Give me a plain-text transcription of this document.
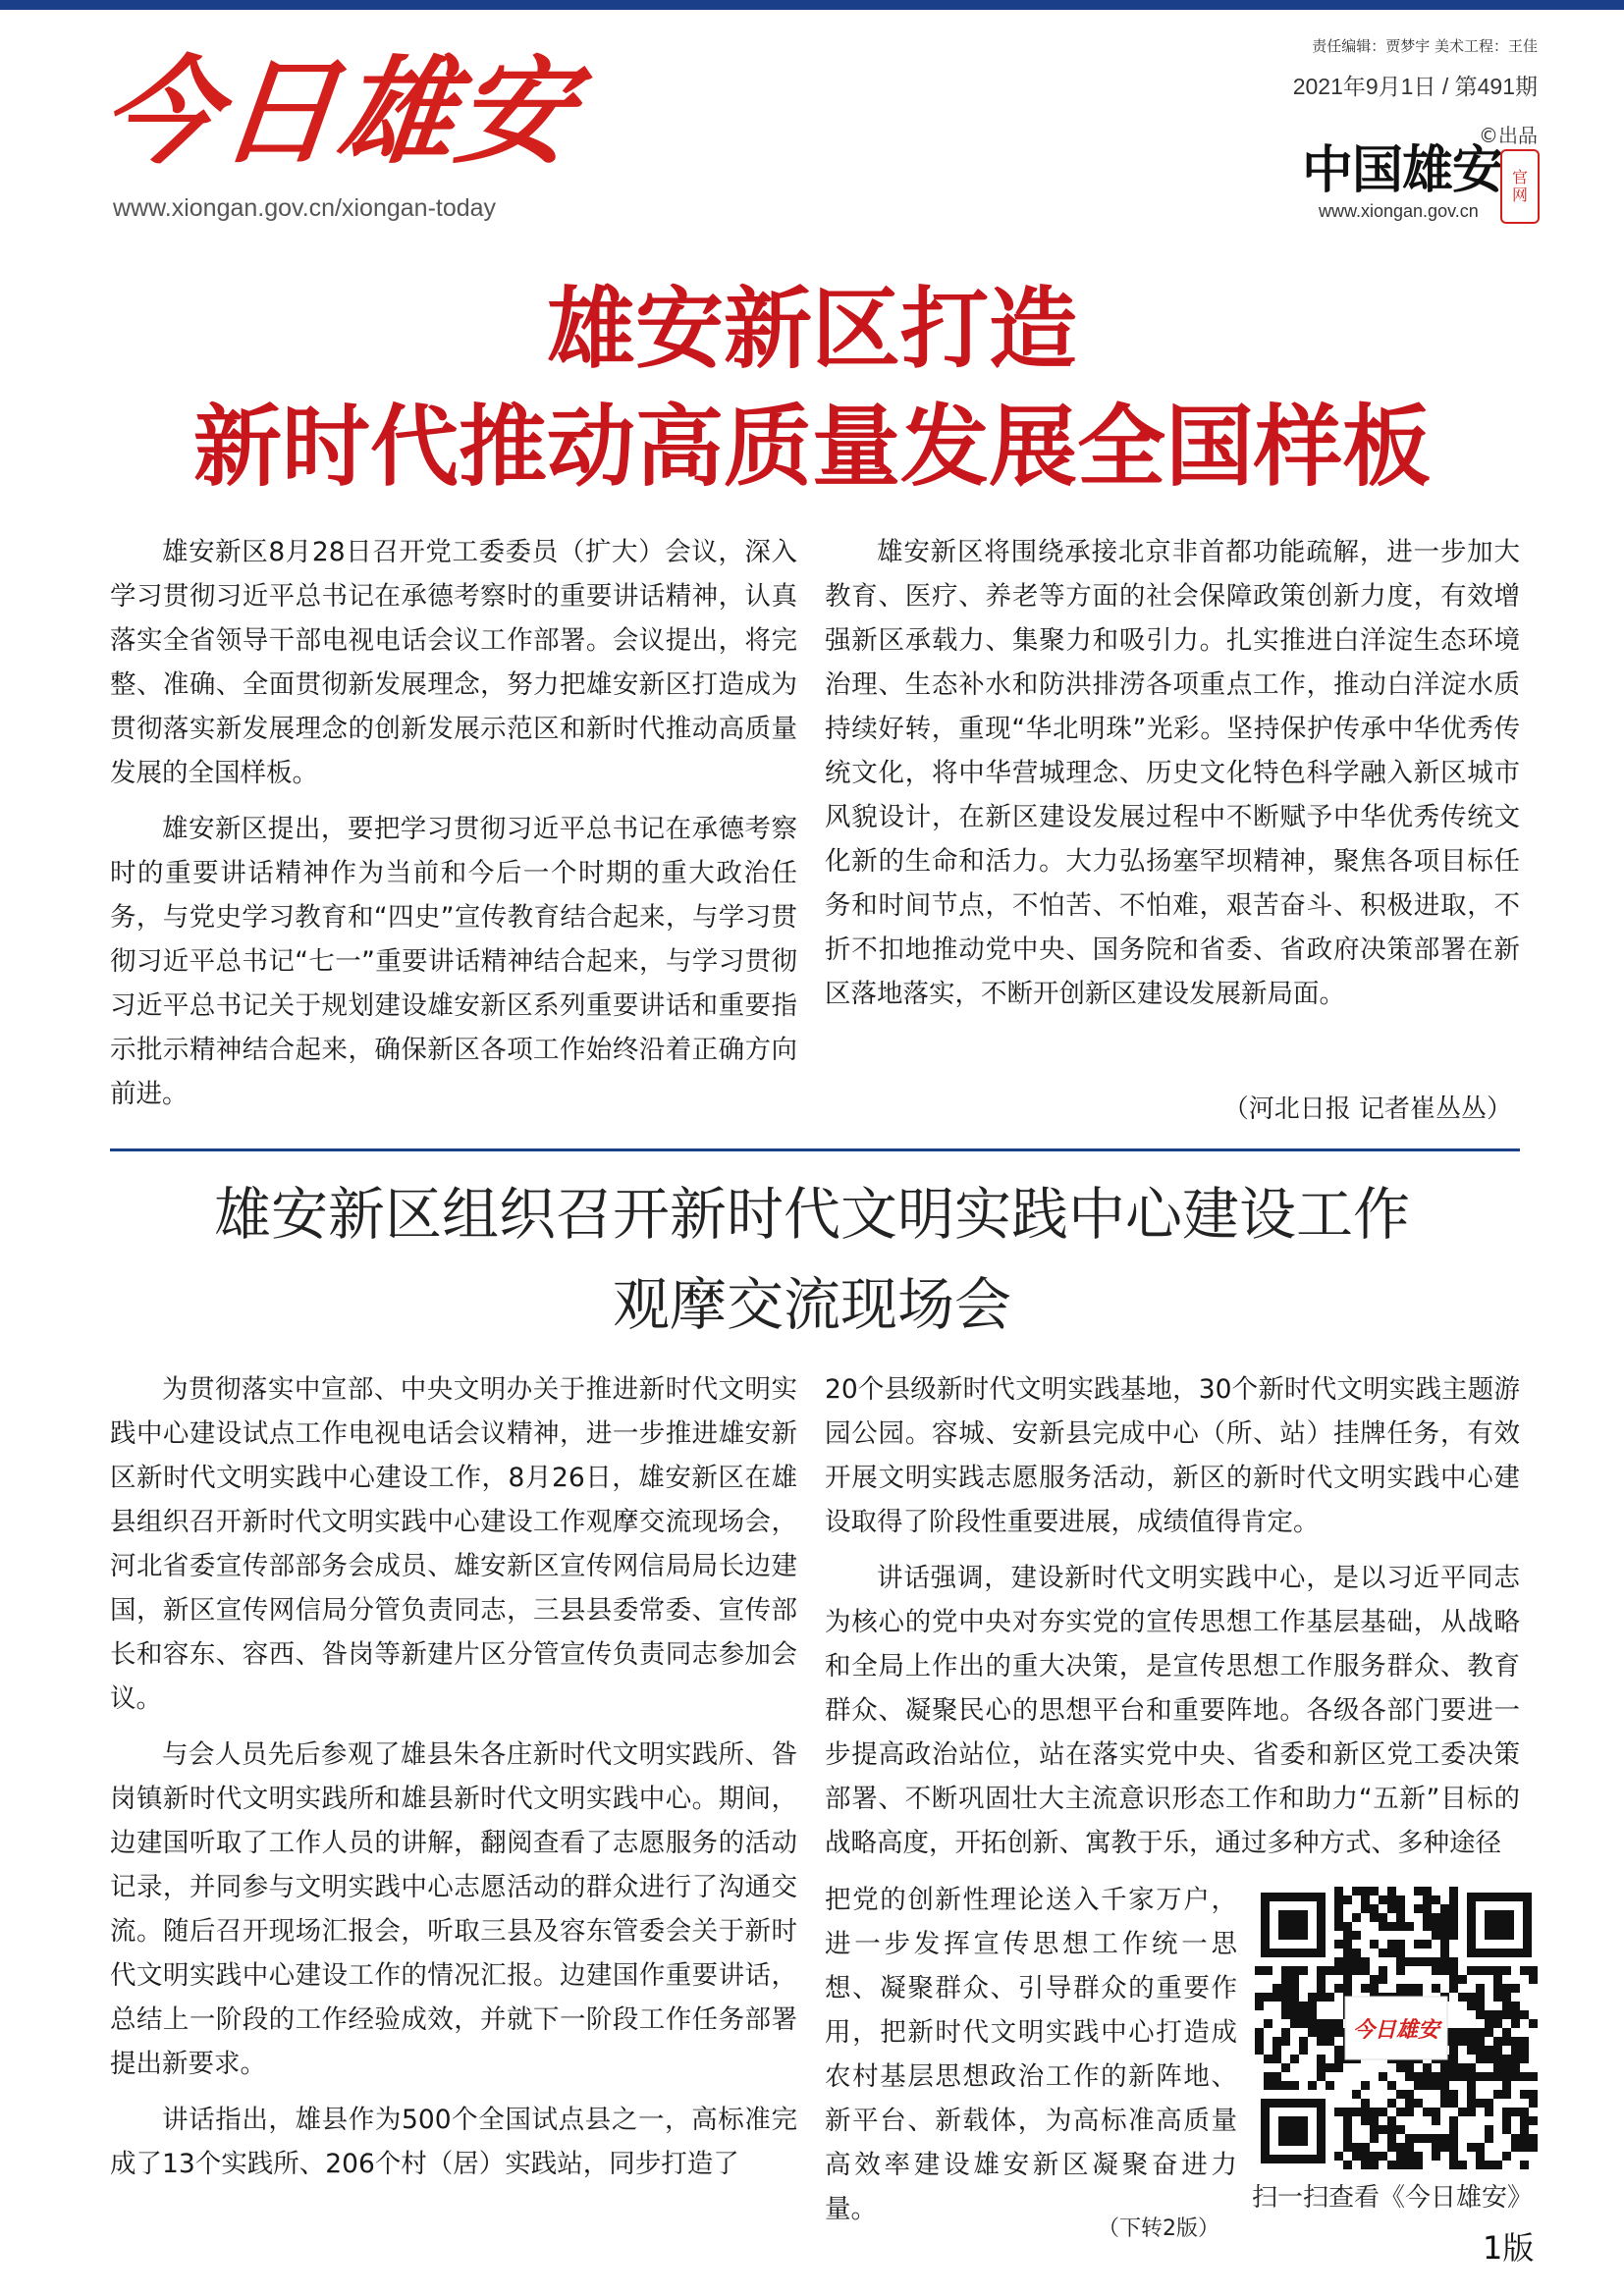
今日雄安
www.xiongan.gov.cn/xiongan-today
责任编辑：贾梦宇 美术工程：王佳
2021年9月1日 / 第491期
©出品
中国雄安 官
网
www.xiongan.gov.cn
雄安新区打造
新时代推动高质量发展全国样板

雄安新区8月28日召开党工委委员（扩大）会议，深入学习贯彻习近平总书记在承德考察时的重要讲话精神，认真落实全省领导干部电视电话会议工作部署。会议提出，将完整、准确、全面贯彻新发展理念，努力把雄安新区打造成为贯彻落实新发展理念的创新发展示范区和新时代推动高质量发展的全国样板。

雄安新区提出，要把学习贯彻习近平总书记在承德考察时的重要讲话精神作为当前和今后一个时期的重大政治任务，与党史学习教育和“四史”宣传教育结合起来，与学习贯彻习近平总书记“七一”重要讲话精神结合起来，与学习贯彻习近平总书记关于规划建设雄安新区系列重要讲话和重要指示批示精神结合起来，确保新区各项工作始终沿着正确方向前进。

雄安新区将围绕承接北京非首都功能疏解，进一步加大教育、医疗、养老等方面的社会保障政策创新力度，有效增强新区承载力、集聚力和吸引力。扎实推进白洋淀生态环境治理、生态补水和防洪排涝各项重点工作，推动白洋淀水质持续好转，重现“华北明珠”光彩。坚持保护传承中华优秀传统文化，将中华营城理念、历史文化特色科学融入新区城市风貌设计，在新区建设发展过程中不断赋予中华优秀传统文化新的生命和活力。大力弘扬塞罕坝精神，聚焦各项目标任务和时间节点，不怕苦、不怕难，艰苦奋斗、积极进取，不折不扣地推动党中央、国务院和省委、省政府决策部署在新区落地落实，不断开创新区建设发展新局面。

（河北日报 记者崔丛丛）
雄安新区组织召开新时代文明实践中心建设工作
观摩交流现场会

为贯彻落实中宣部、中央文明办关于推进新时代文明实践中心建设试点工作电视电话会议精神，进一步推进雄安新区新时代文明实践中心建设工作，8月26日，雄安新区在雄县组织召开新时代文明实践中心建设工作观摩交流现场会，河北省委宣传部部务会成员、雄安新区宣传网信局局长边建国，新区宣传网信局分管负责同志，三县县委常委、宣传部长和容东、容西、昝岗等新建片区分管宣传负责同志参加会议。

与会人员先后参观了雄县朱各庄新时代文明实践所、昝岗镇新时代文明实践所和雄县新时代文明实践中心。期间，边建国听取了工作人员的讲解，翻阅查看了志愿服务的活动记录，并同参与文明实践中心志愿活动的群众进行了沟通交流。随后召开现场汇报会，听取三县及容东管委会关于新时代文明实践中心建设工作的情况汇报。边建国作重要讲话，总结上一阶段的工作经验成效，并就下一阶段工作任务部署提出新要求。

讲话指出，雄县作为500个全国试点县之一，高标准完成了13个实践所、206个村（居）实践站，同步打造了

20个县级新时代文明实践基地，30个新时代文明实践主题游园公园。容城、安新县完成中心（所、站）挂牌任务，有效开展文明实践志愿服务活动，新区的新时代文明实践中心建设取得了阶段性重要进展，成绩值得肯定。

讲话强调，建设新时代文明实践中心，是以习近平同志为核心的党中央对夯实党的宣传思想工作基层基础，从战略和全局上作出的重大决策，是宣传思想工作服务群众、教育群众、凝聚民心的思想平台和重要阵地。各级各部门要进一步提高政治站位，站在落实党中央、省委和新区党工委决策部署、不断巩固壮大主流意识形态工作和助力“五新”目标的战略高度，开拓创新、寓教于乐，通过多种方式、多种途径

把党的创新性理论送入千家万户，进一步发挥宣传思想工作统一思想、凝聚群众、引导群众的重要作用，把新时代文明实践中心打造成农村基层思想政治工作的新阵地、新平台、新载体，为高标准高质量高效率建设雄安新区凝聚奋进力量。

（下转2版）
今日雄安
扫一扫查看《今日雄安》
1版
